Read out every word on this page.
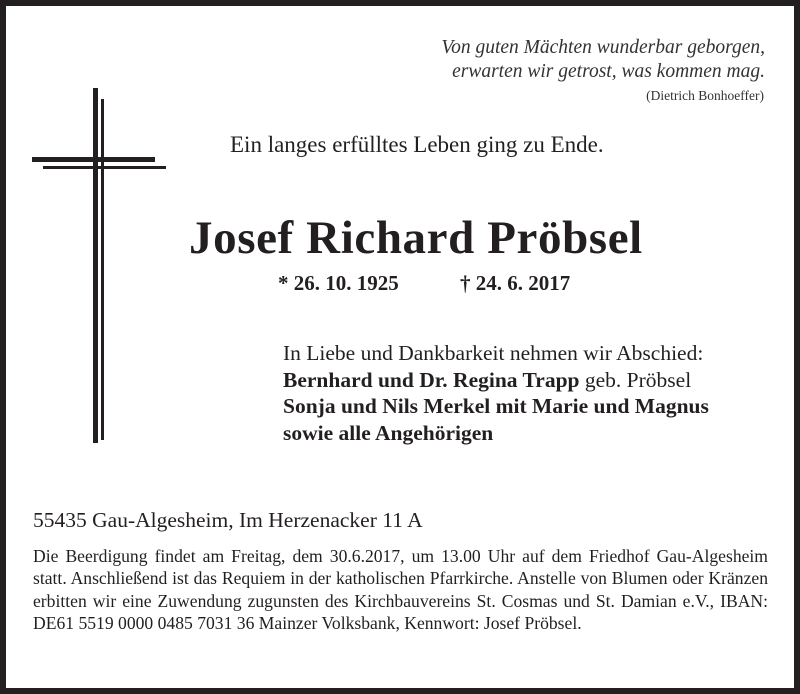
Von guten Mächten wunderbar geborgen,
erwarten wir getrost, was kommen mag.
(Dietrich Bonhoeffer)
Ein langes erfülltes Leben ging zu Ende.
Josef Richard Pröbsel
* 26. 10. 1925	† 24. 6. 2017
In Liebe und Dankbarkeit nehmen wir Abschied:
Bernhard und Dr. Regina Trapp geb. Pröbsel
Sonja und Nils Merkel mit Marie und Magnus
sowie alle Angehörigen
55435 Gau-Algesheim, Im Herzenacker 11 A
Die Beerdigung findet am Freitag, dem 30.6.2017, um 13.00 Uhr auf dem Friedhof Gau-Algesheim statt. Anschließend ist das Requiem in der katholischen Pfarrkirche. Anstelle von Blumen oder Kränzen erbitten wir eine Zuwendung zugunsten des Kirchbauvereins St. Cosmas und St. Damian e.V., IBAN: DE61 5519 0000 0485 7031 36 Mainzer Volksbank, Kennwort: Josef Pröbsel.
